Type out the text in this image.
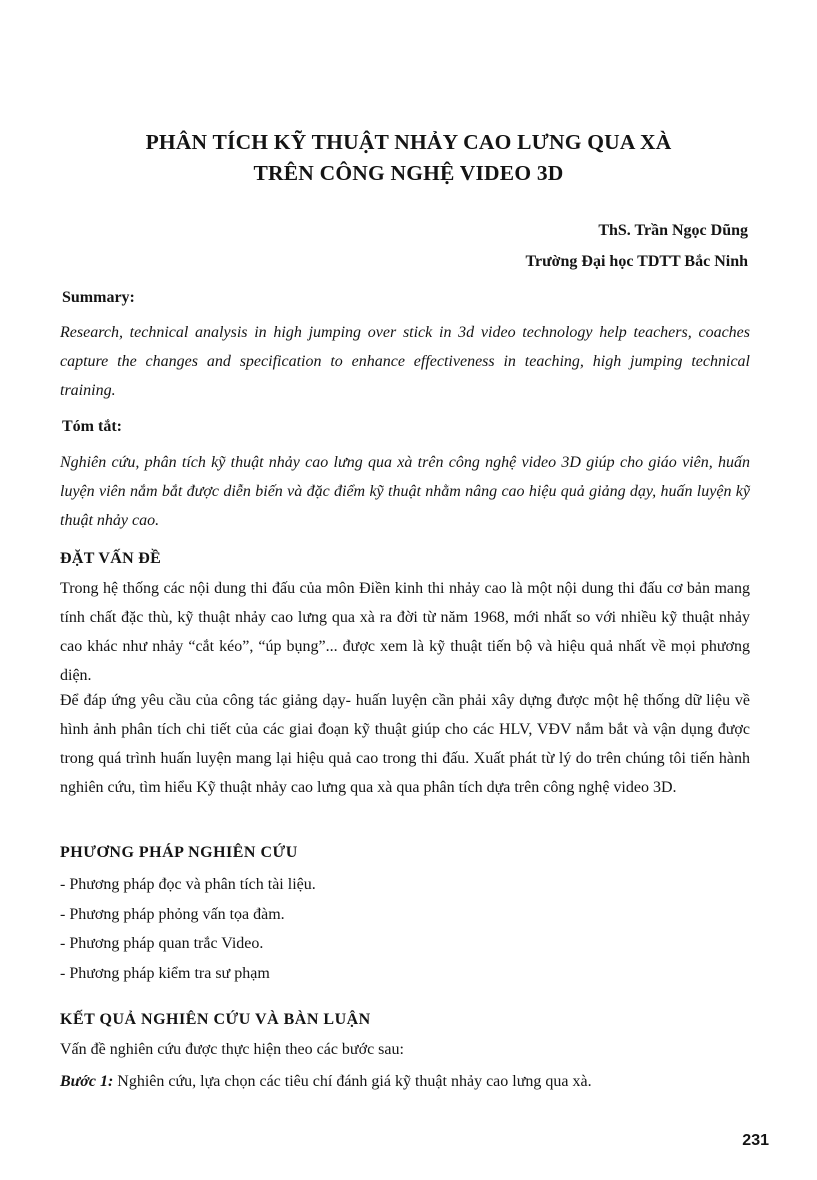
PHÂN TÍCH KỸ THUẬT NHẢY CAO LƯNG QUA XÀ
TRÊN CÔNG NGHỆ VIDEO 3D
ThS. Trần Ngọc Dũng
Trường Đại học TDTT Bắc Ninh
Summary:
Research, technical analysis in high jumping over stick in 3d video technology help teachers, coaches capture the changes and specification to enhance effectiveness in teaching, high jumping technical training.
Tóm tắt:
Nghiên cứu, phân tích kỹ thuật nhảy cao lưng qua xà trên công nghệ video 3D giúp cho giáo viên, huấn luyện viên nắm bắt được diễn biến và đặc điểm kỹ thuật nhằm nâng cao hiệu quả giảng dạy, huấn luyện kỹ thuật nhảy cao.
ĐẶT VẤN ĐỀ
Trong hệ thống các nội dung thi đấu của môn Điền kinh thi nhảy cao là một nội dung thi đấu cơ bản mang tính chất đặc thù, kỹ thuật nhảy cao lưng qua xà ra đời từ năm 1968, mới nhất so với nhiều kỹ thuật nhảy cao khác như nhảy “cắt kéo”, “úp bụng”... được xem là kỹ thuật tiến bộ và hiệu quả nhất về mọi phương diện.
Để đáp ứng yêu cầu của công tác giảng dạy- huấn luyện cần phải xây dựng được một hệ thống dữ liệu về hình ảnh phân tích chi tiết của các giai đoạn kỹ thuật giúp cho các HLV, VĐV nắm bắt và vận dụng được trong quá trình huấn luyện mang lại hiệu quả cao trong thi đấu. Xuất phát từ lý do trên chúng tôi tiến hành nghiên cứu, tìm hiểu Kỹ thuật nhảy cao lưng qua xà qua phân tích dựa trên công nghệ video 3D.
PHƯƠNG PHÁP NGHIÊN CỨU
- Phương pháp đọc và phân tích tài liệu.
- Phương pháp phỏng vấn tọa đàm.
- Phương pháp quan trắc Video.
- Phương pháp kiểm tra sư phạm
KẾT QUẢ NGHIÊN CỨU VÀ BÀN LUẬN
Vấn đề nghiên cứu được thực hiện theo các bước sau:
Bước 1: Nghiên cứu, lựa chọn các tiêu chí đánh giá kỹ thuật nhảy cao lưng qua xà.
231
